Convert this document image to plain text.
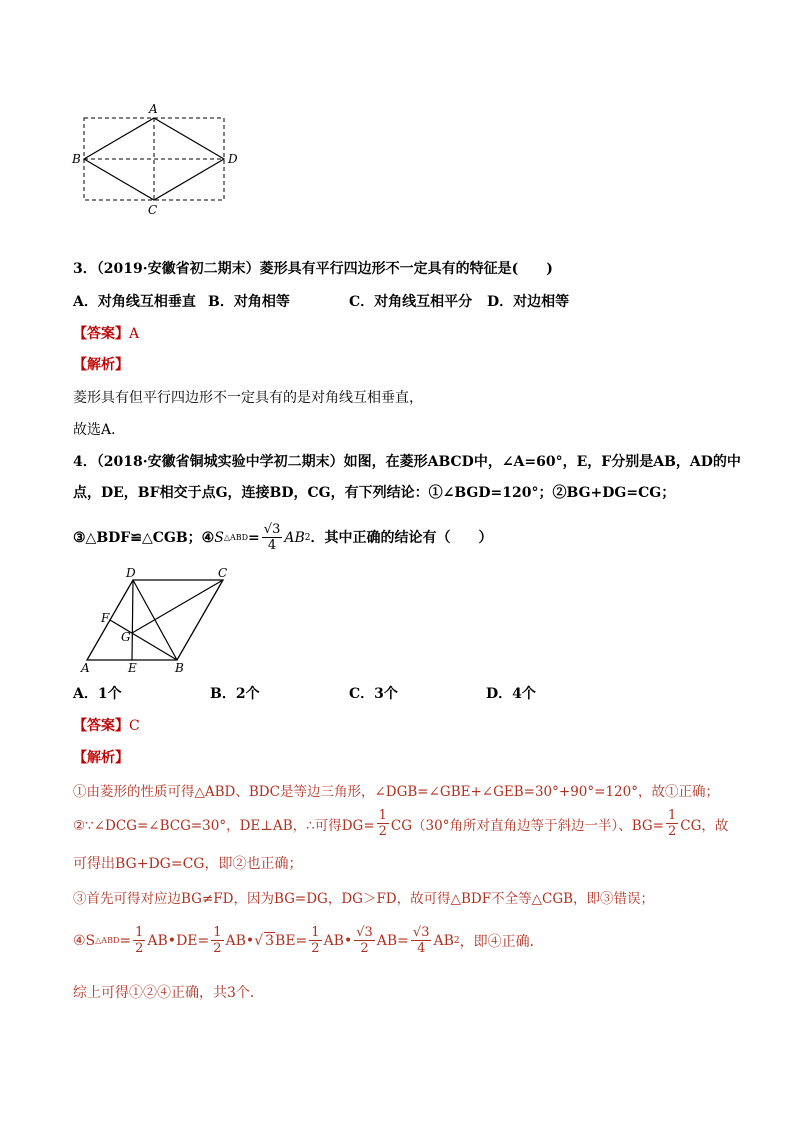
A
B	D
C
3．（2019·安徽省初二期末）菱形具有平行四边形不一定具有的特征是(　　)
A．对角线互相垂直 B．对角相等	C．对角线互相平分 D．对边相等
【答案】A
【解析】
菱形具有但平行四边形不一定具有的是对角线互相垂直，
故选A．
4．（2018·安徽省铜城实验中学初二期末）如图，在菱形ABCD中，∠A=60°，E，F分别是AB，AD的中
点，DE，BF相交于点G，连接BD，CG，有下列结论：①∠BGD=120°；②BG+DG=CG；
③△BDF≌△CGB；④ S △ABD = $\frac{√3}{4}$ AB 2 ．其中正确的结论有（　　）
D	C
F
G
A	E	B
A．1个	B．2个	C．3个	D．4个
【答案】C
【解析】
①由菱形的性质可得△ABD、BDC是等边三角形，∠DGB=∠GBE+∠GEB=30°+90°=120°，故①正确；
②∵∠DCG=∠BCG=30°，DE⊥AB，∴可得$DG= \frac{1}{2} CG(30^\circ$角所对直角边等于斜边一半）、$BG= \frac{1}{2}$ CG，故
可得出BG+DG=CG，即②也正确；
③首先可得对应边BG≠FD，因为BG=DG，DG＞FD，故可得△BDF不全等△CGB，即③错误；
④S △ABD = $\frac{1}{2}$ AB•DE= $\frac{1}{2}$ AB• √ 3 $BE= \frac{1}{2}$ AB• $\frac{√3}{2} AB= \frac{√3}{4}$ AB 2 ，即④正确．
综上可得①②④正确，共3个．
